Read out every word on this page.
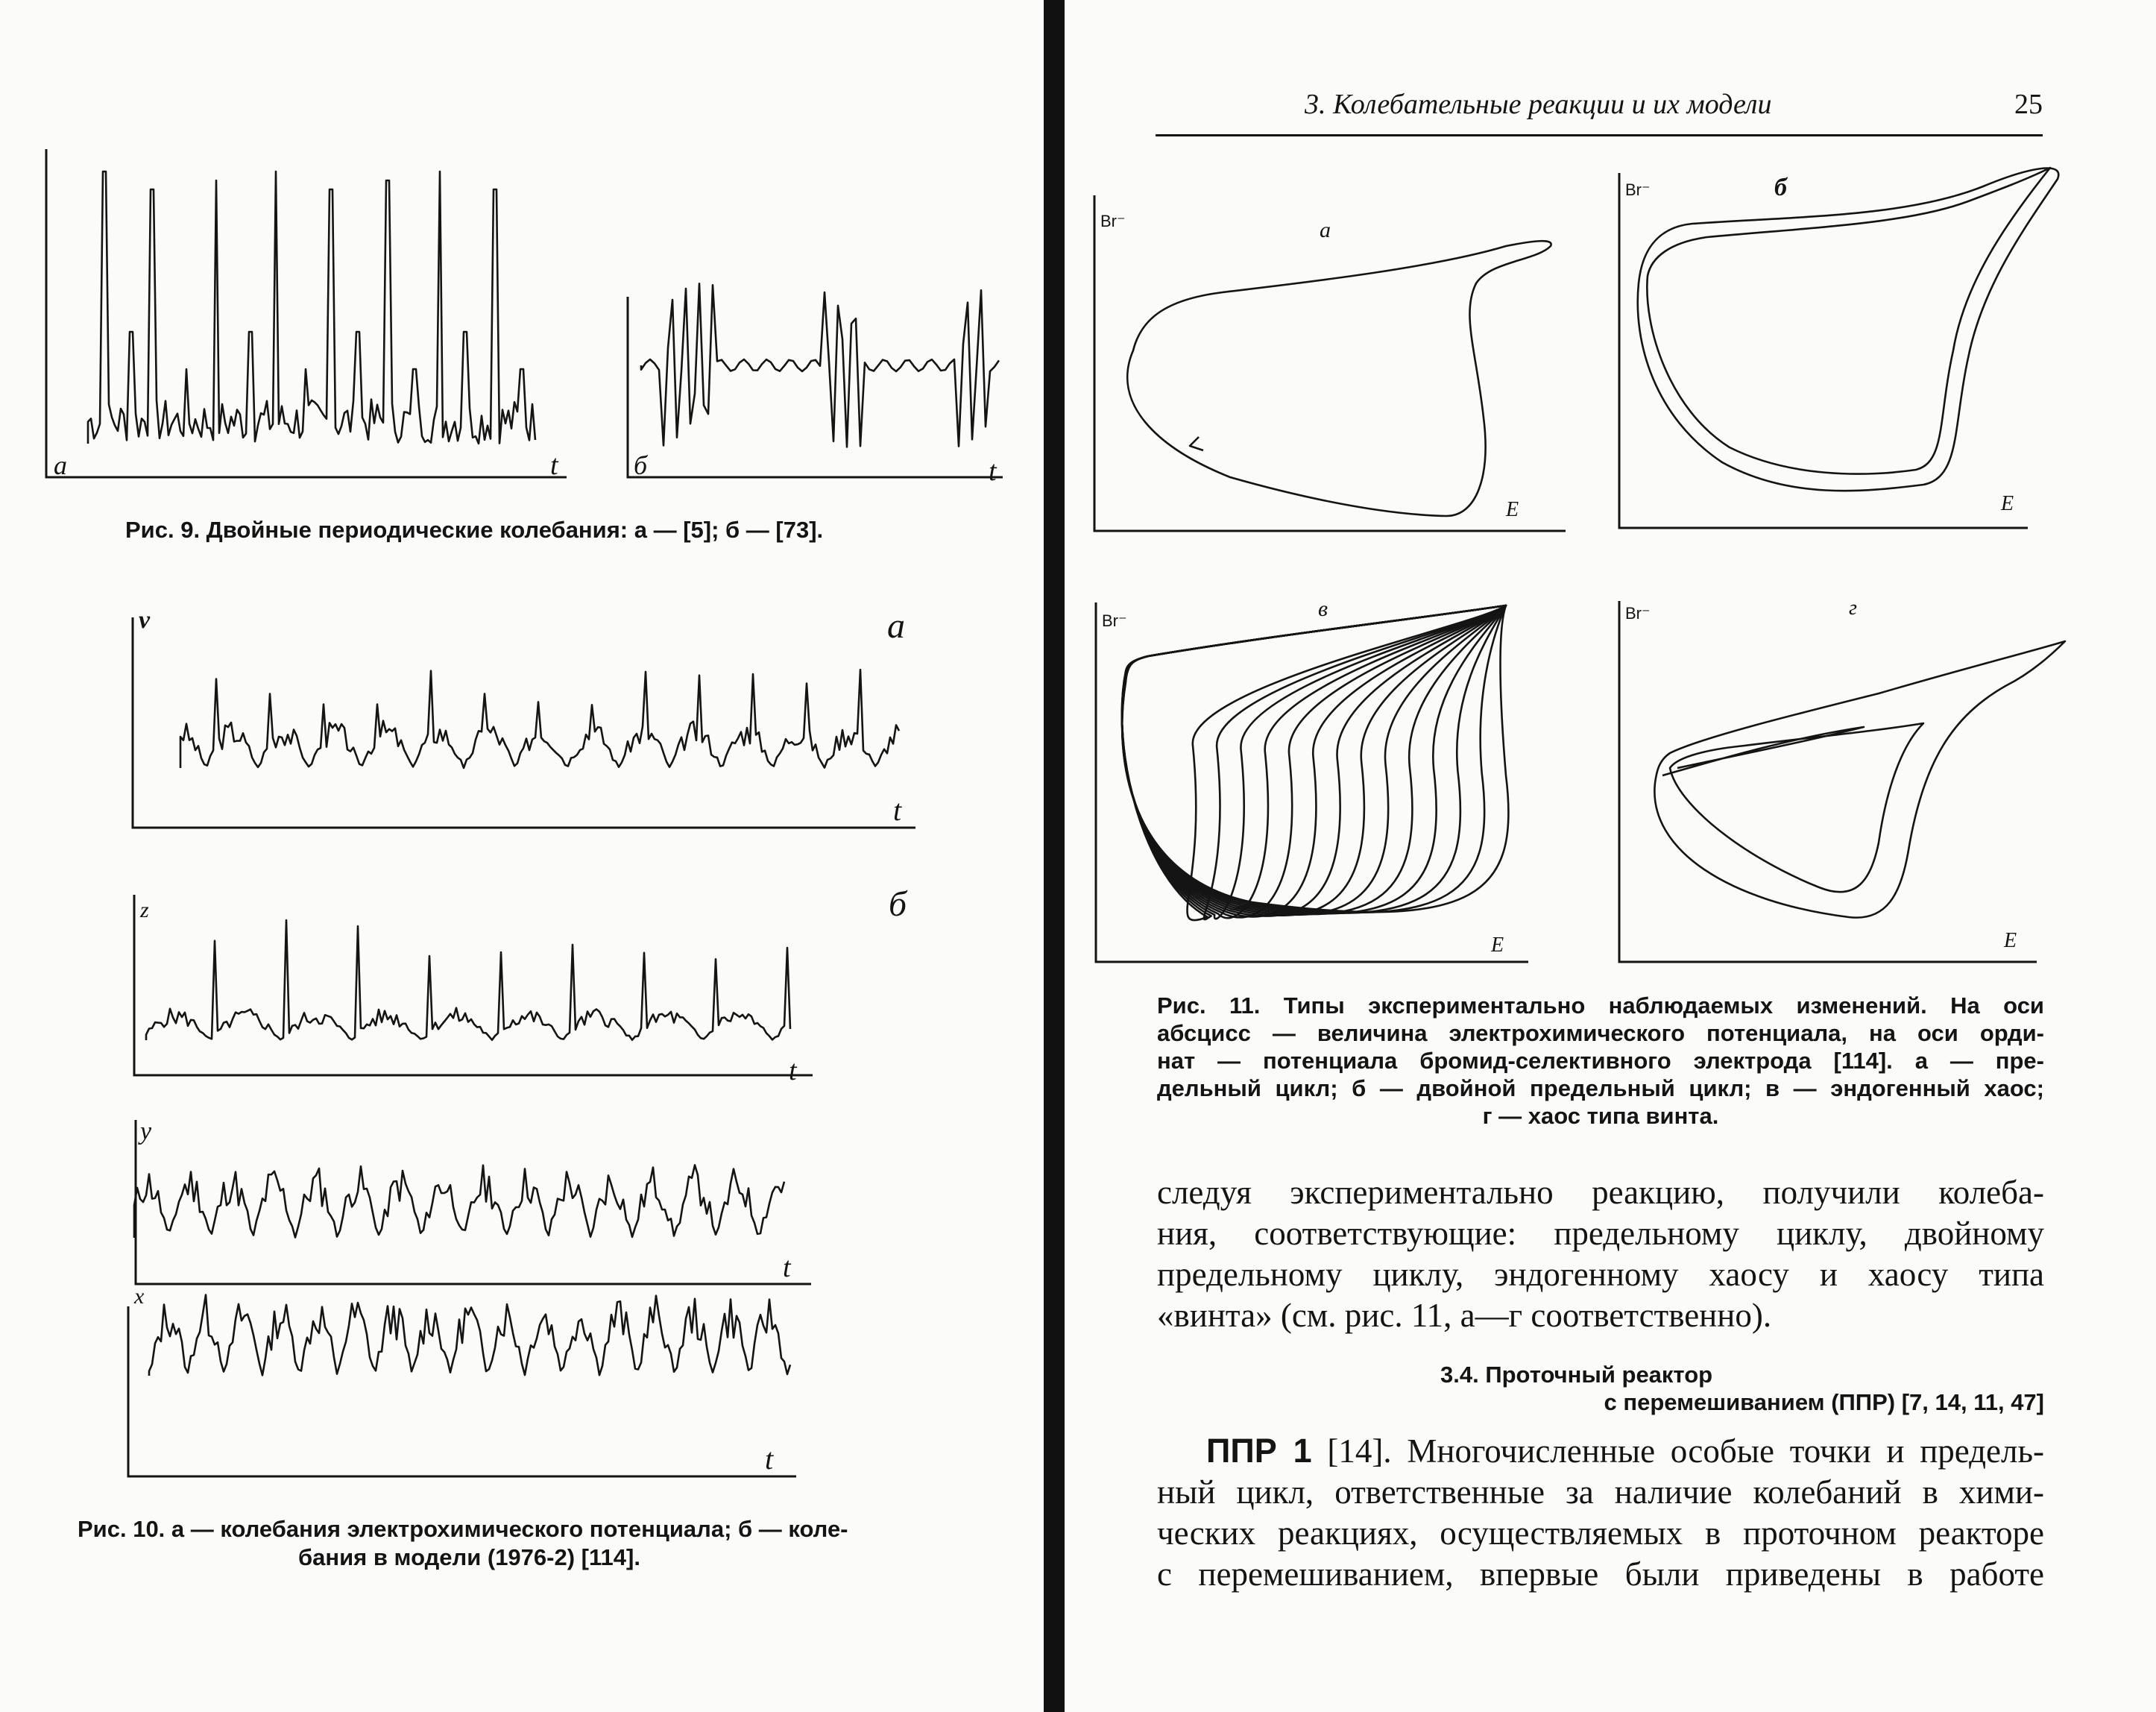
а	t	б	t
v	а
t
б
z
t
y
t
x
t
Рис. 9. Двойные периодические колебания: а — [5]; б — [73].
Рис. 10. а — колебания электрохимического потенциала; б — коле-
бания в модели (1976-2) [114].
3. Колебательные реакции и их модели	25
Br⁻	а
E
Br⁻	б
E
Br⁻	в
E
Br⁻	г
E
Рис. 11. Типы экспериментально наблюдаемых изменений. На оси
абсцисс — величина электрохимического потенциала, на оси орди-
нат — потенциала бромид-селективного электрода [114]. а — пре-
дельный цикл; б — двойной предельный цикл; в — эндогенный хаос;
г — хаос типа винта.
следуя экспериментально реакцию, получили колеба-
ния, соответствующие: предельному циклу, двойному
предельному циклу, эндогенному хаосу и хаосу типа
«винта» (см. рис. 11, а—г соответственно).
3.4. Проточный реактор
с перемешиванием (ППР) [7, 14, 11, 47]
ППР 1 [14]. Многочисленные особые точки и предель-
ный цикл, ответственные за наличие колебаний в хими-
ческих реакциях, осуществляемых в проточном реакторе
с перемешиванием, впервые были приведены в работе
